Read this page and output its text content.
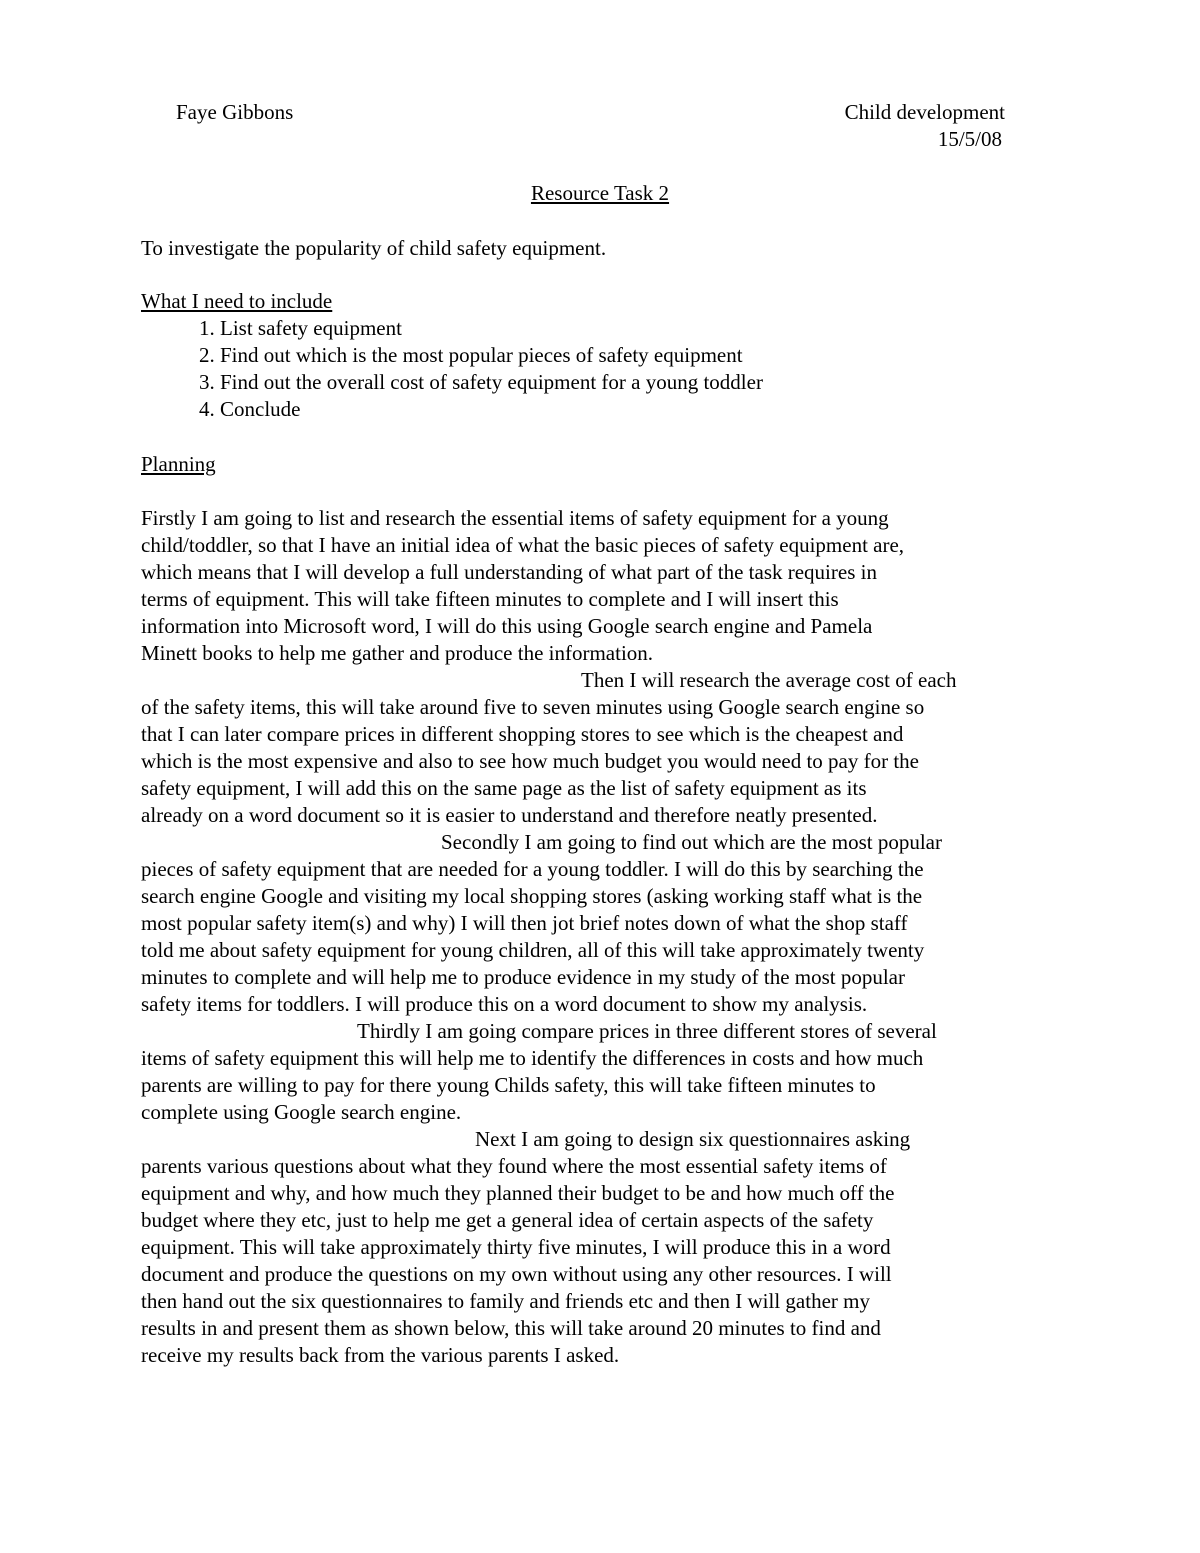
Faye Gibbons	Child development
15/5/08
Resource Task 2
To investigate the popularity of child safety equipment.
What I need to include
1. List safety equipment
2. Find out which is the most popular pieces of safety equipment
3. Find out the overall cost of safety equipment for a young toddler
4. Conclude
Planning
Firstly I am going to list and research the essential items of safety equipment for a young
child/toddler, so that I have an initial idea of what the basic pieces of safety equipment are,
which means that I will develop a full understanding of what part of the task requires in
terms of equipment. This will take fifteen minutes to complete and I will insert this
information into Microsoft word, I will do this using Google search engine and Pamela
Minett books to help me gather and produce the information.
Then I will research the average cost of each
of the safety items, this will take around five to seven minutes using Google search engine so
that I can later compare prices in different shopping stores to see which is the cheapest and
which is the most expensive and also to see how much budget you would need to pay for the
safety equipment, I will add this on the same page as the list of safety equipment as its
already on a word document so it is easier to understand and therefore neatly presented.
Secondly I am going to find out which are the most popular
pieces of safety equipment that are needed for a young toddler. I will do this by searching the
search engine Google and visiting my local shopping stores (asking working staff what is the
most popular safety item(s) and why) I will then jot brief notes down of what the shop staff
told me about safety equipment for young children, all of this will take approximately twenty
minutes to complete and will help me to produce evidence in my study of the most popular
safety items for toddlers. I will produce this on a word document to show my analysis.
Thirdly I am going compare prices in three different stores of several
items of safety equipment this will help me to identify the differences in costs and how much
parents are willing to pay for there young Childs safety, this will take fifteen minutes to
complete using Google search engine.
Next I am going to design six questionnaires asking
parents various questions about what they found where the most essential safety items of
equipment and why, and how much they planned their budget to be and how much off the
budget where they etc, just to help me get a general idea of certain aspects of the safety
equipment. This will take approximately thirty five minutes, I will produce this in a word
document and produce the questions on my own without using any other resources. I will
then hand out the six questionnaires to family and friends etc and then I will gather my
results in and present them as shown below, this will take around 20 minutes to find and
receive my results back from the various parents I asked.
